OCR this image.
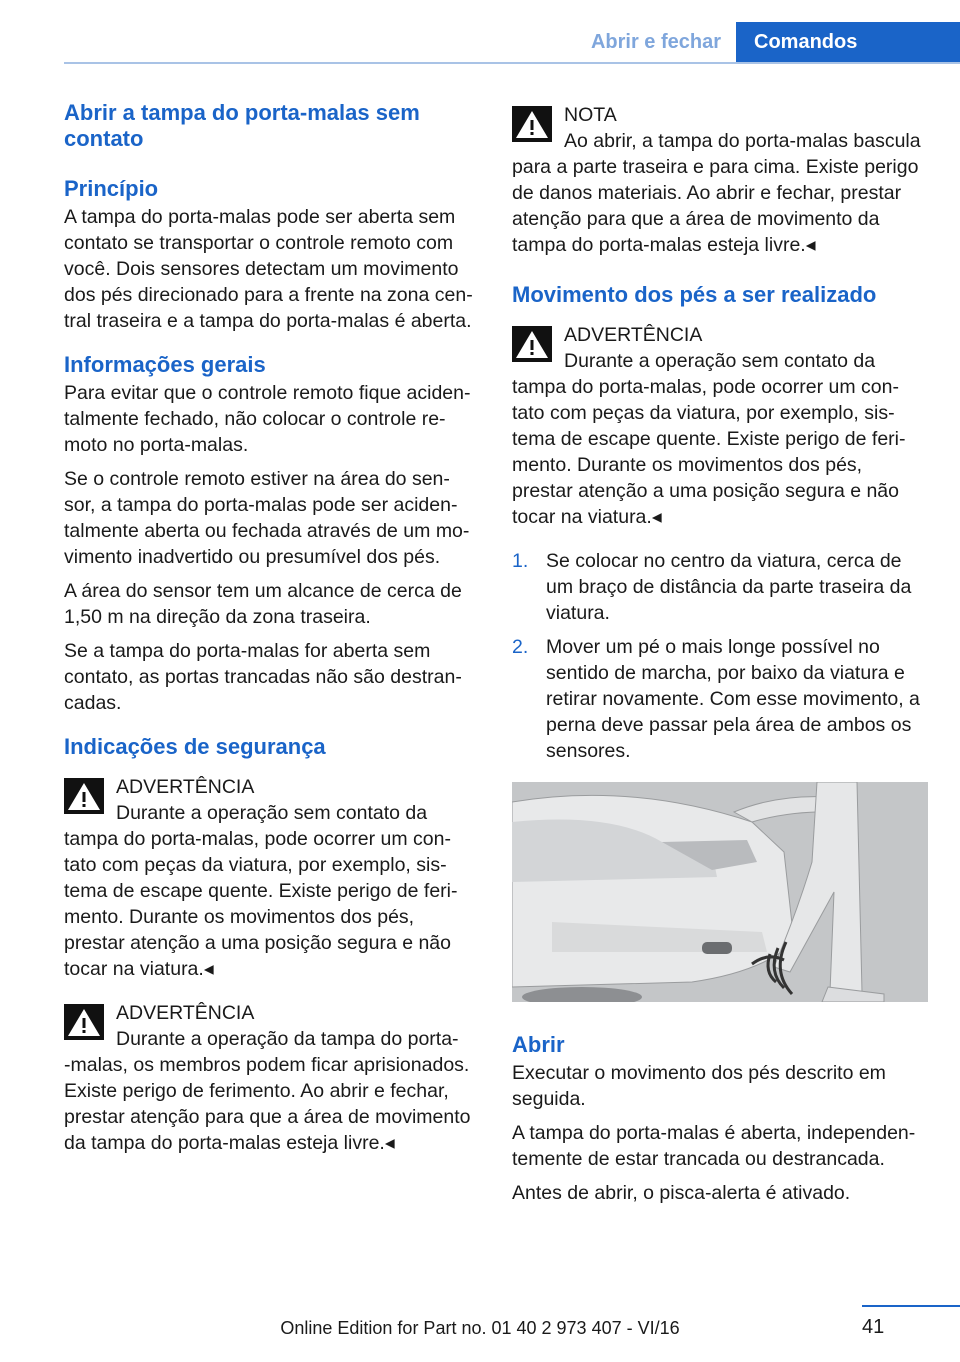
Abrir e fechar	Comandos
Abrir a tampa do porta-malas sem contato
Princípio

A tampa do porta-malas pode ser aberta sem contato se transportar o controle remoto com você. Dois sensores detectam um movimento dos pés direcionado para a frente na zona cen- tral traseira e a tampa do porta-malas é aberta.

Informações gerais

Para evitar que o controle remoto fique aciden- talmente fechado, não colocar o controle re- moto no porta-malas.

Se o controle remoto estiver na área do sen- sor, a tampa do porta-malas pode ser aciden- talmente aberta ou fechada através de um mo- vimento inadvertido ou presumível dos pés.

A área do sensor tem um alcance de cerca de 1,50 m na direção da zona traseira.

Se a tampa do porta-malas for aberta sem contato, as portas trancadas não são destran- cadas.

Indicações de segurança
ADVERTÊNCIA
Durante a operação sem contato da
tampa do porta-malas, pode ocorrer um con- tato com peças da viatura, por exemplo, sis- tema de escape quente. Existe perigo de feri- mento. Durante os movimentos dos pés, prestar atenção a uma posição segura e não tocar na viatura.◂
ADVERTÊNCIA
Durante a operação da tampa do porta-
-malas, os membros podem ficar aprisionados. Existe perigo de ferimento. Ao abrir e fechar, prestar atenção para que a área de movimento da tampa do porta-malas esteja livre.◂
NOTA
Ao abrir, a tampa do porta-malas bascula
para a parte traseira e para cima. Existe perigo de danos materiais. Ao abrir e fechar, prestar atenção para que a área de movimento da tampa do porta-malas esteja livre.◂
Movimento dos pés a ser realizado
ADVERTÊNCIA
Durante a operação sem contato da
tampa do porta-malas, pode ocorrer um con- tato com peças da viatura, por exemplo, sis- tema de escape quente. Existe perigo de feri- mento. Durante os movimentos dos pés, prestar atenção a uma posição segura e não tocar na viatura.◂
1. Se colocar no centro da viatura, cerca de um braço de distância da parte traseira da viatura.
2. Mover um pé o mais longe possível no sentido de marcha, por baixo da viatura e retirar novamente. Com esse movimento, a perna deve passar pela área de ambos os sensores.
Abrir

Executar o movimento dos pés descrito em seguida.

A tampa do porta-malas é aberta, independen- temente de estar trancada ou destrancada.

Antes de abrir, o pisca-alerta é ativado.

41
Online Edition for Part no. 01 40 2 973 407 - VI/16
